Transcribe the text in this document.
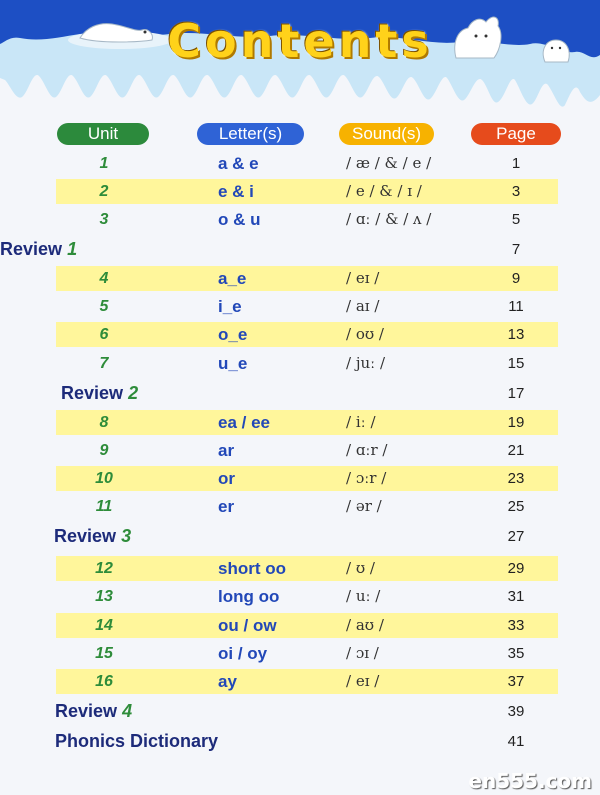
Contents
Unit	Letter(s)	Sound(s)	Page
1	a & e	/ æ / & / e /	1
2	e & i	/ e / & / ɪ /	3
3	o & u	/ ɑː / & / ʌ /	5
Review 1	7
4	a_e	/ eɪ /	9
5	i_e	/ aɪ /	11
6	o_e	/ oʊ /	13
7	u_e	/ juː /	15
Review 2	17
8	ea / ee	/ iː /	19
9	ar	/ ɑːr /	21
10	or	/ ɔːr /	23
11	er	/ ər /	25
Review 3	27
12	short oo	/ ʊ /	29
13	long oo	/ uː /	31
14	ou / ow	/ aʊ /	33
15	oi / oy	/ ɔɪ /	35
16	ay	/ eɪ /	37
Review 4	39
Phonics Dictionary	41
en555.com
